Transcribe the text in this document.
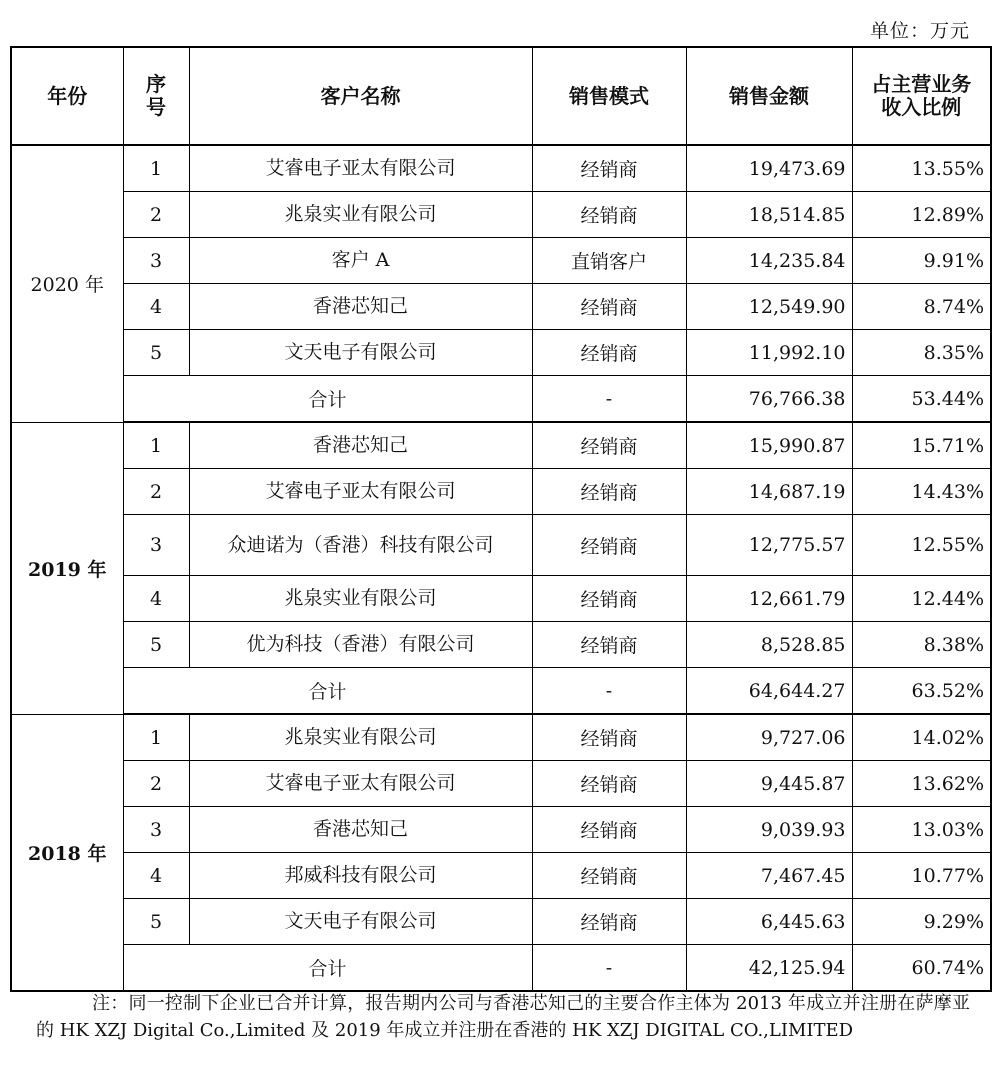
单位：万元
年份	序号	客户名称	销售模式	销售金额	占主营业务收入比例
2020 年	1	艾睿电子亚太有限公司	经销商	19,473.69	13.55%
	2	兆泉实业有限公司	经销商	18,514.85	12.89%
	3	客户 A	直销客户	14,235.84	9.91%
	4	香港芯知己	经销商	12,549.90	8.74%
	5	文天电子有限公司	经销商	11,992.10	8.35%
	合计		-	76,766.38	53.44%
2019 年	1	香港芯知己	经销商	15,990.87	15.71%
	2	艾睿电子亚太有限公司	经销商	14,687.19	14.43%
	3	众迪诺为（香港）科技有限公司	经销商	12,775.57	12.55%
	4	兆泉实业有限公司	经销商	12,661.79	12.44%
	5	优为科技（香港）有限公司	经销商	8,528.85	8.38%
	合计		-	64,644.27	63.52%
2018 年	1	兆泉实业有限公司	经销商	9,727.06	14.02%
	2	艾睿电子亚太有限公司	经销商	9,445.87	13.62%
	3	香港芯知己	经销商	9,039.93	13.03%
	4	邦威科技有限公司	经销商	7,467.45	10.77%
	5	文天电子有限公司	经销商	6,445.63	9.29%
	合计		-	42,125.94	60.74%
注：同一控制下企业已合并计算，报告期内公司与香港芯知己的主要合作主体为 2013 年成立并注册在萨摩亚的 HK XZJ Digital Co.,Limited 及 2019 年成立并注册在香港的 HK XZJ DIGITAL CO.,LIMITED
